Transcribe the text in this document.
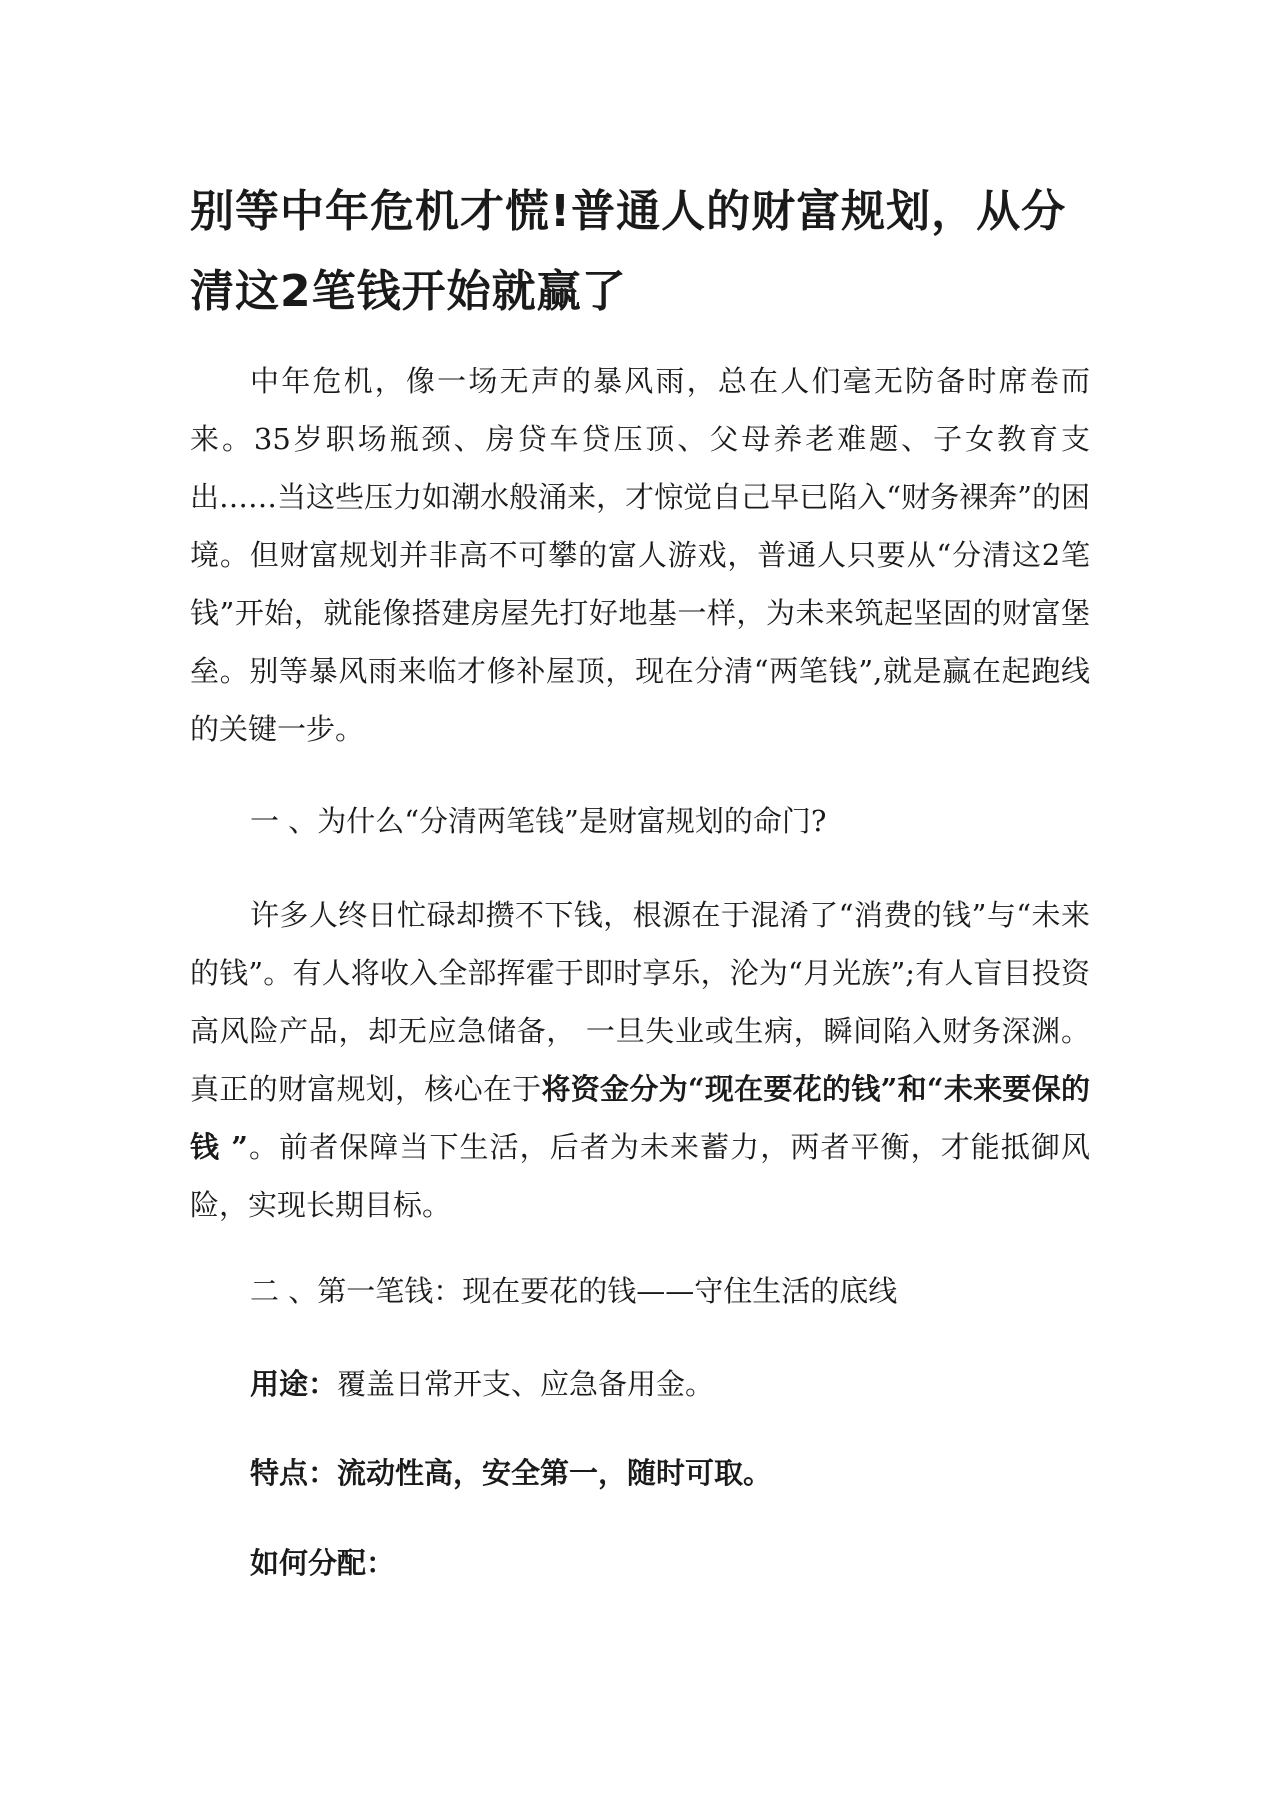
别等中年危机才慌!普通人的财富规划，从分清这2笔钱开始就赢了

中年危机，像一场无声的暴风雨，总在人们毫无防备时席卷而来。35岁职场瓶颈、房贷车贷压顶、父母养老难题、子女教育支出……当这些压力如潮水般涌来，才惊觉自己早已陷入“财务裸奔”的困境。但财富规划并非高不可攀的富人游戏，普通人只要从“分清这2笔钱”开始，就能像搭建房屋先打好地基一样，为未来筑起坚固的财富堡垒。别等暴风雨来临才修补屋顶，现在分清“两笔钱”,就是赢在起跑线的关键一步。

一 、为什么“分清两笔钱”是财富规划的命门?

许多人终日忙碌却攒不下钱，根源在于混淆了“消费的钱”与“未来的钱”。有人将收入全部挥霍于即时享乐，沦为“月光族”;有人盲目投资高风险产品，却无应急储备， 一旦失业或生病，瞬间陷入财务深渊。真正的财富规划，核心在于将资金分为“现在要花的钱”和“未来要保的钱 ”。前者保障当下生活，后者为未来蓄力，两者平衡，才能抵御风险，实现长期目标。

二 、第一笔钱：现在要花的钱——守住生活的底线

用途：覆盖日常开支、应急备用金。

特点：流动性高，安全第一，随时可取。

如何分配：
